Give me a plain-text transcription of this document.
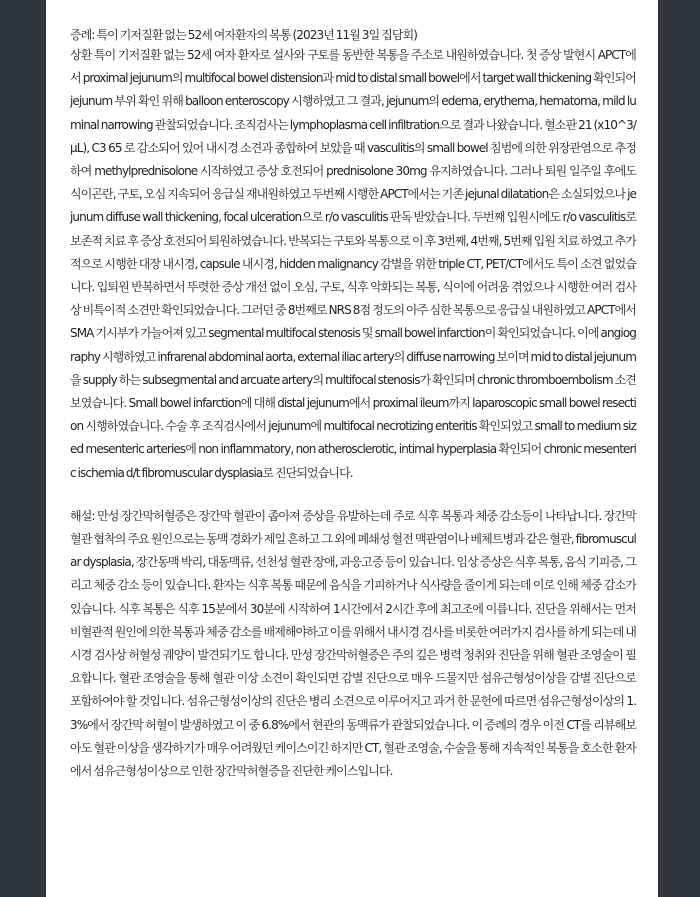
증례: 특이 기저질환 없는 52세 여자환자의 복통 (2023년 11월 3일 집담회)

상환 특이 기저질환 없는 52세 여자 환자로 설사와 구토를 동반한 복통을 주소로 내원하였습니다. 첫 증상 발현시 APCT에서 proximal jejunum의 multifocal bowel distension과 mid to distal small bowel에서 target wall thickening 확인되어 jejunum 부위 확인 위해 balloon enteroscopy 시행하였고 그 결과, jejunum의 edema, erythema, hematoma, mild luminal narrowing 관찰되었습니다. 조직검사는 lymphoplasma cell infiltration으로 결과 나왔습니다. 혈소판 21 (x10^3/μL), C3 65 로 감소되어 있어 내시경 소견과 종합하여 보았을 때 vasculitis의 small bowel 침범에 의한 위장관염으로 추정하여 methylprednisolone 시작하였고 증상 호전되어 prednisolone 30mg 유지하였습니다. 그러나 퇴원 일주일 후에도 식이곤란, 구토, 오심 지속되어 응급실 재내원하였고 두번째 시행한 APCT에서는 기존 jejunal dilatation은 소실되었으나 jejunum diffuse wall thickening, focal ulceration으로 r/o vasculitis 판독 받았습니다. 두번째 입원시에도 r/o vasculitis로 보존적 치료 후 증상 호전되어 퇴원하였습니다. 반복되는 구토와 복통으로 이 후 3번째, 4번째, 5번째 입원 치료 하였고 추가적으로 시행한 대장 내시경, capsule 내시경, hidden malignancy 감별을 위한 triple CT, PET/CT에서도 특이 소견 없었습니다. 입퇴원 반복하면서 뚜렷한 증상 개선 없이 오심, 구토, 식후 악화되는 복통, 식이에 어려움 겪었으나 시행한 여러 검사상 비특이적 소견만 확인되었습니다. 그러던 중 8번째로 NRS 8점 정도의 아주 심한 복통으로 응급실 내원하였고 APCT에서 SMA 기시부가 가늘어져 있고 segmental multifocal stenosis 및 small bowel infarction이 확인되었습니다. 이에 angiography 시행하였고 infrarenal abdominal aorta, external iliac artery의 diffuse narrowing 보이며 mid to distal jejunum을 supply 하는 subsegmental and arcuate artery의 multifocal stenosis가 확인되며 chronic thromboembolism 소견 보였습니다. Small bowel infarction에 대해 distal jejunum에서 proximal ileum까지 laparoscopic small bowel resection 시행하였습니다. 수술 후 조직검사에서 jejunum에 multifocal necrotizing enteritis 확인되었고 small to medium sized mesenteric arteries에 non inflammatory, non atherosclerotic, intimal hyperplasia 확인되어 chronic mesenteric ischemia d/t fibromuscular dysplasia로 진단되었습니다.

해설: 만성 장간막허혈증은 장간막 혈관이 좁아져 증상을 유발하는데 주로 식후 복통과 체중 감소등이 나타납니다. 장간막 혈관 협착의 주요 원인으로는 동맥 경화가 제일 흔하고 그 외에 폐쇄성 혈전 맥관염이나 베체트병과 같은 혈관, fibromuscular dysplasia, 장간동맥 박리, 대동맥류, 선천성 혈관 장애, 과응고증 등이 있습니다. 임상 증상은 식후 복통, 음식 기피증, 그리고 체중 감소 등이 있습니다. 환자는 식후 복통 때문에 음식을 기피하거나 식사량을 줄이게 되는데 이로 인해 체중 감소가 있습니다. 식후 복통은 식후 15분에서 30분에 시작하여 1시간에서 2시간 후에 최고조에 이릅니다. 진단을 위해서는 먼저 비혈관적 원인에 의한 복통과 체중 감소를 배제해야하고 이를 위해서 내시경 검사를 비롯한 여러가지 검사를 하게 되는데 내시경 검사상 허혈성 궤양이 발견되기도 합니다. 만성 장간막허혈증은 주의 깊은 병력 청취와 진단을 위해 혈관 조영술이 필요합니다. 혈관 조영술을 통해 혈관 이상 소견이 확인되면 감별 진단으로 매우 드물지만 섬유근형성이상을 감별 진단으로 포함하여야 할 것입니다. 섬유근형성이상의 진단은 병리 소견으로 이루어지고 과거 한 문헌에 따르면 섬유근형성이상의 1.3%에서 장간막 허혈이 발생하였고 이 중 6.8%에서 현관의 동맥류가 관찰되었습니다. 이 증례의 경우 이전 CT를 리뷰해보아도 혈관 이상을 생각하기가 매우 어려웠던 케이스이긴 하지만 CT, 혈관 조영술, 수술을 통해 지속적인 복통을 호소한 환자에서 섬유근형성이상으로 인한 장간막허혈증을 진단한 케이스입니다.
